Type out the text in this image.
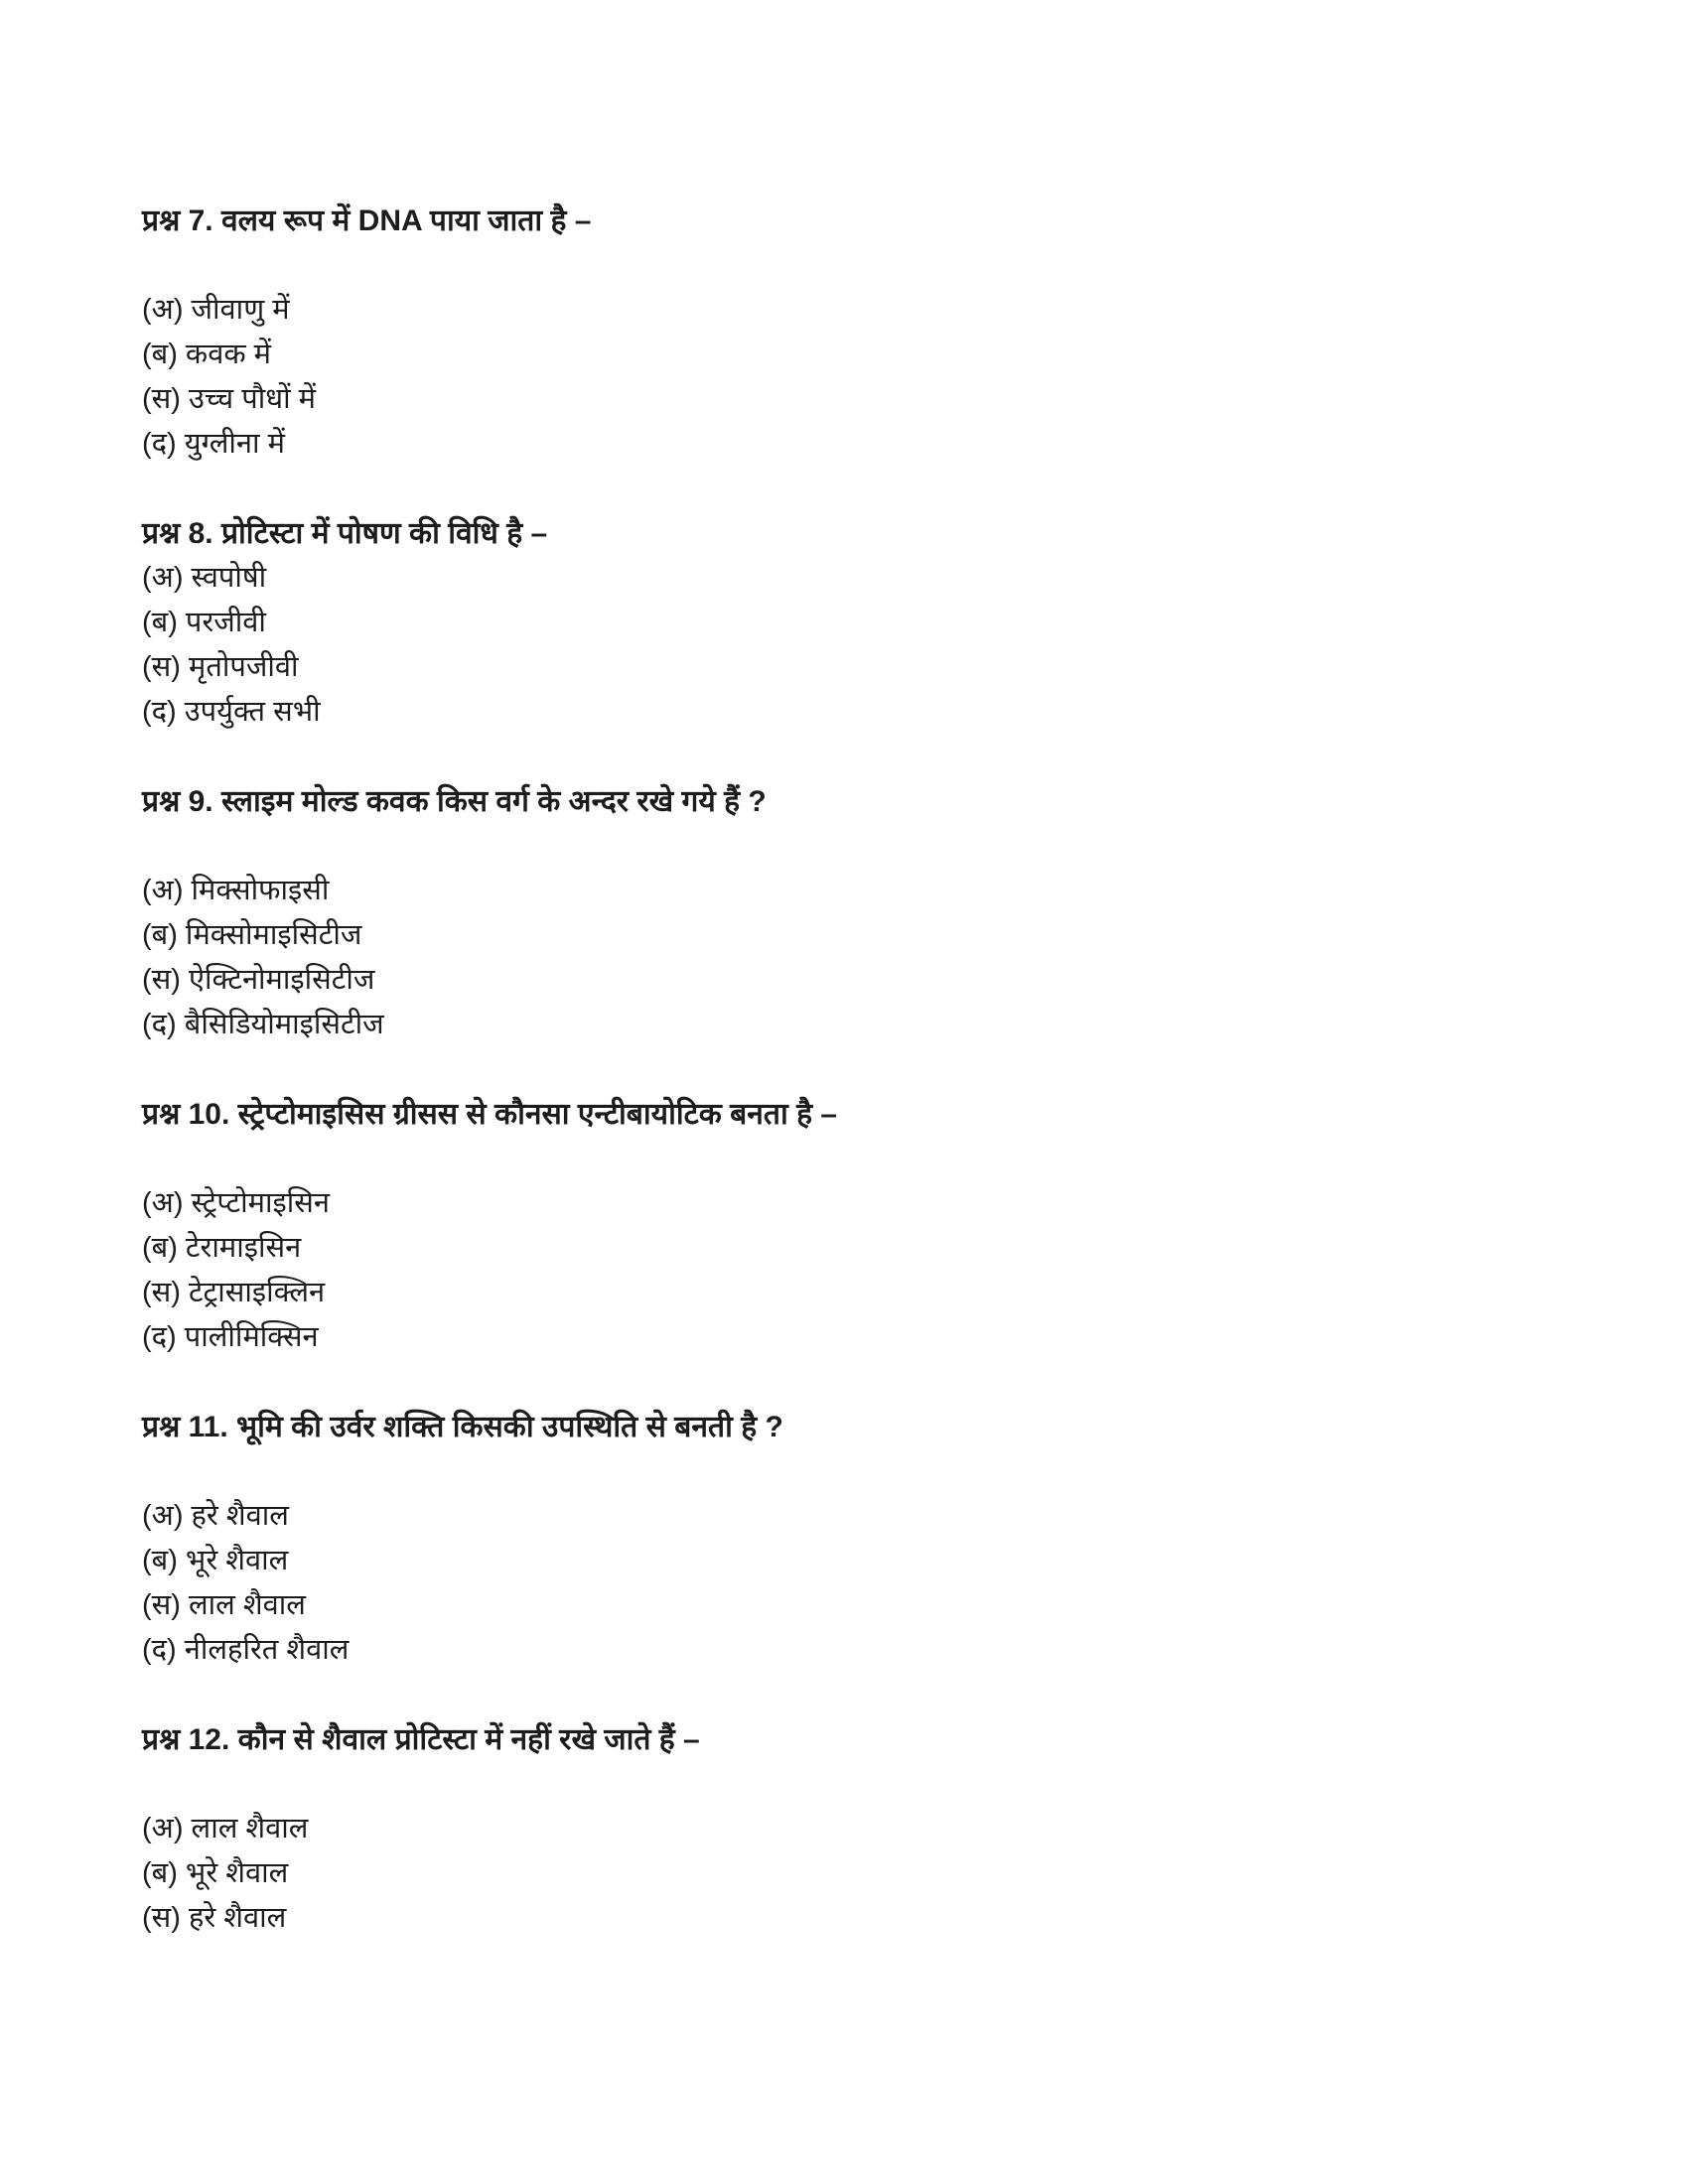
प्रश्न 7. वलय रूप में DNA पाया जाता है –

(अ) जीवाणु में

(ब) कवक में

(स) उच्च पौधों में

(द) युग्लीना में

प्रश्न 8. प्रोटिस्टा में पोषण की विधि है –

(अ) स्वपोषी

(ब) परजीवी

(स) मृतोपजीवी

(द) उपर्युक्त सभी

प्रश्न 9. स्लाइम मोल्ड कवक किस वर्ग के अन्दर रखे गये हैं ?

(अ) मिक्सोफाइसी

(ब) मिक्सोमाइसिटीज

(स) ऐक्टिनोमाइसिटीज

(द) बैसिडियोमाइसिटीज

प्रश्न 10. स्ट्रेप्टोमाइसिस ग्रीसस से कौनसा एन्टीबायोटिक बनता है –

(अ) स्ट्रेप्टोमाइसिन

(ब) टेरामाइसिन

(स) टेट्रासाइक्लिन

(द) पालीमिक्सिन

प्रश्न 11. भूमि की उर्वर शक्ति किसकी उपस्थिति से बनती है ?

(अ) हरे शैवाल

(ब) भूरे शैवाल

(स) लाल शैवाल

(द) नीलहरित शैवाल

प्रश्न 12. कौन से शैवाल प्रोटिस्टा में नहीं रखे जाते हैं –

(अ) लाल शैवाल

(ब) भूरे शैवाल

(स) हरे शैवाल
